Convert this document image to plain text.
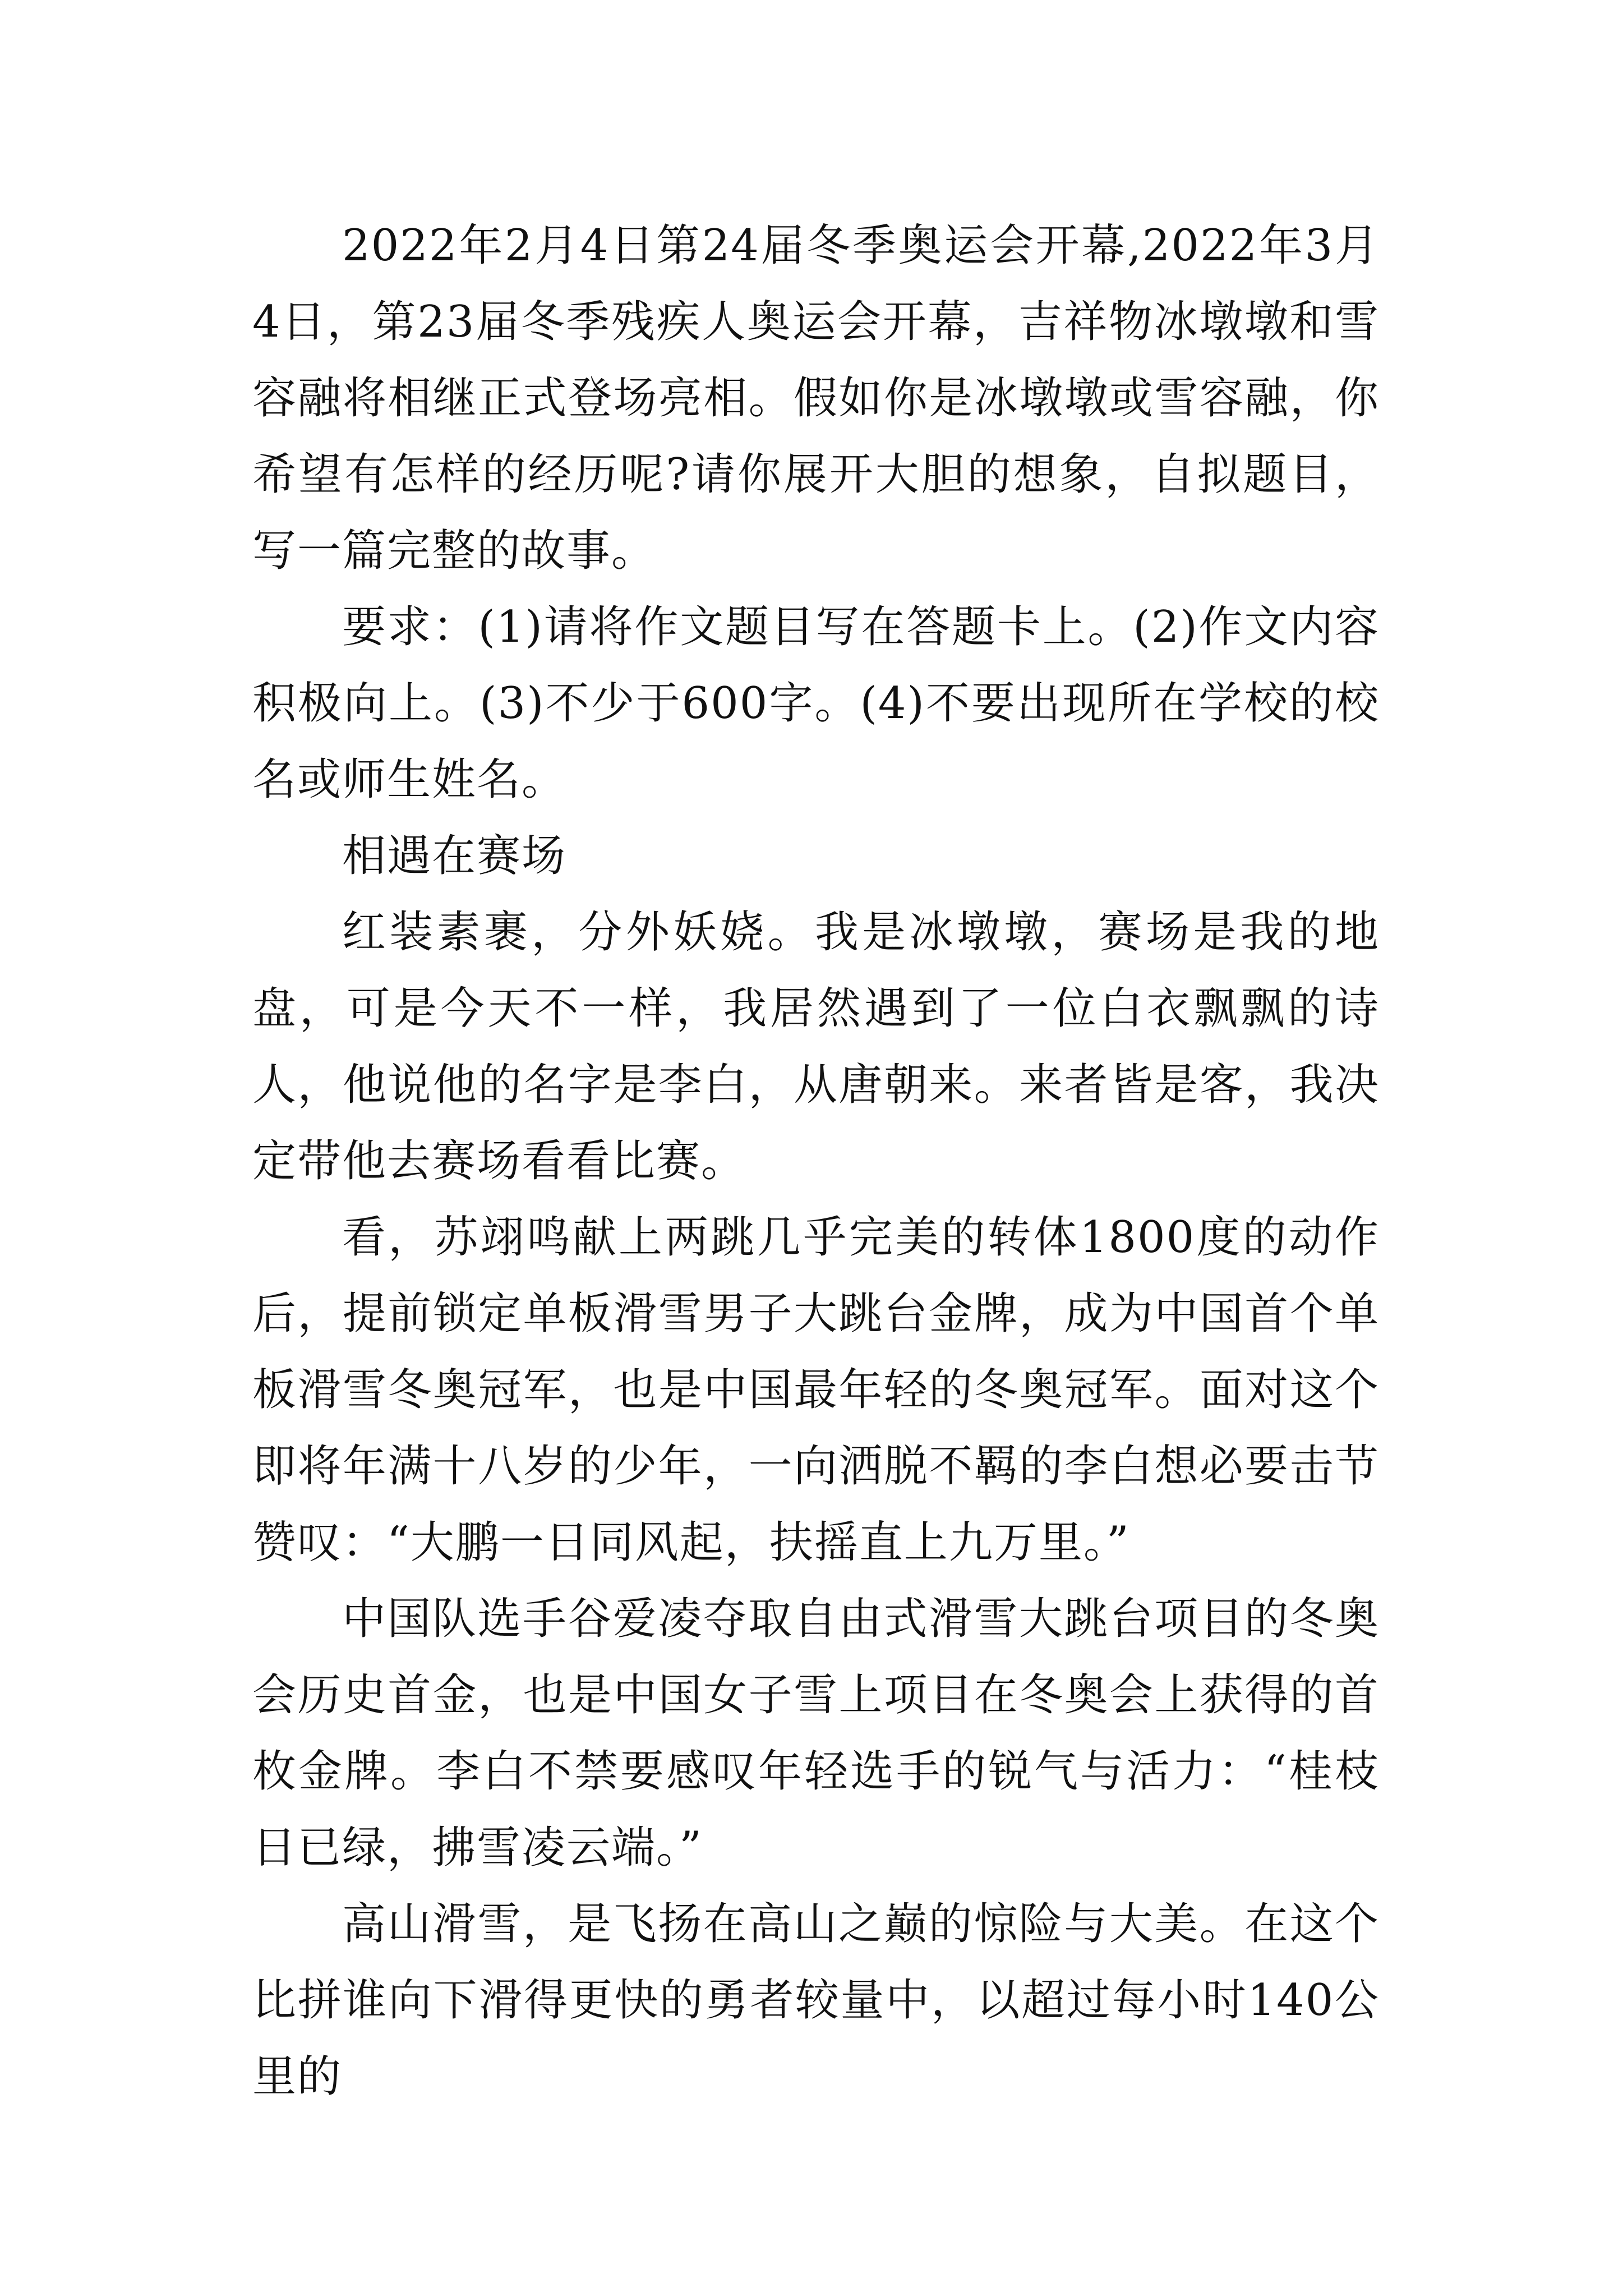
2022年2月4日第24届冬季奥运会开幕,2022年3月4日，第23届冬季残疾人奥运会开幕，吉祥物冰墩墩和雪容融将相继正式登场亮相。假如你是冰墩墩或雪容融，你希望有怎样的经历呢?请你展开大胆的想象，自拟题目，写一篇完整的故事。

要求：(1)请将作文题目写在答题卡上。(2)作文内容积极向上。(3)不少于600字。(4)不要出现所在学校的校名或师生姓名。

相遇在赛场

红装素裹，分外妖娆。我是冰墩墩，赛场是我的地盘，可是今天不一样，我居然遇到了一位白衣飘飘的诗人，他说他的名字是李白，从唐朝来。来者皆是客，我决定带他去赛场看看比赛。

看，苏翊鸣献上两跳几乎完美的转体1800度的动作后，提前锁定单板滑雪男子大跳台金牌，成为中国首个单板滑雪冬奥冠军，也是中国最年轻的冬奥冠军。面对这个即将年满十八岁的少年，一向洒脱不羁的李白想必要击节赞叹：“大鹏一日同风起，扶摇直上九万里。”

中国队选手谷爱凌夺取自由式滑雪大跳台项目的冬奥会历史首金，也是中国女子雪上项目在冬奥会上获得的首枚金牌。李白不禁要感叹年轻选手的锐气与活力：“桂枝日已绿，拂雪凌云端。”

高山滑雪，是飞扬在高山之巅的惊险与大美。在这个比拼谁向下滑得更快的勇者较量中，以超过每小时140公里的
